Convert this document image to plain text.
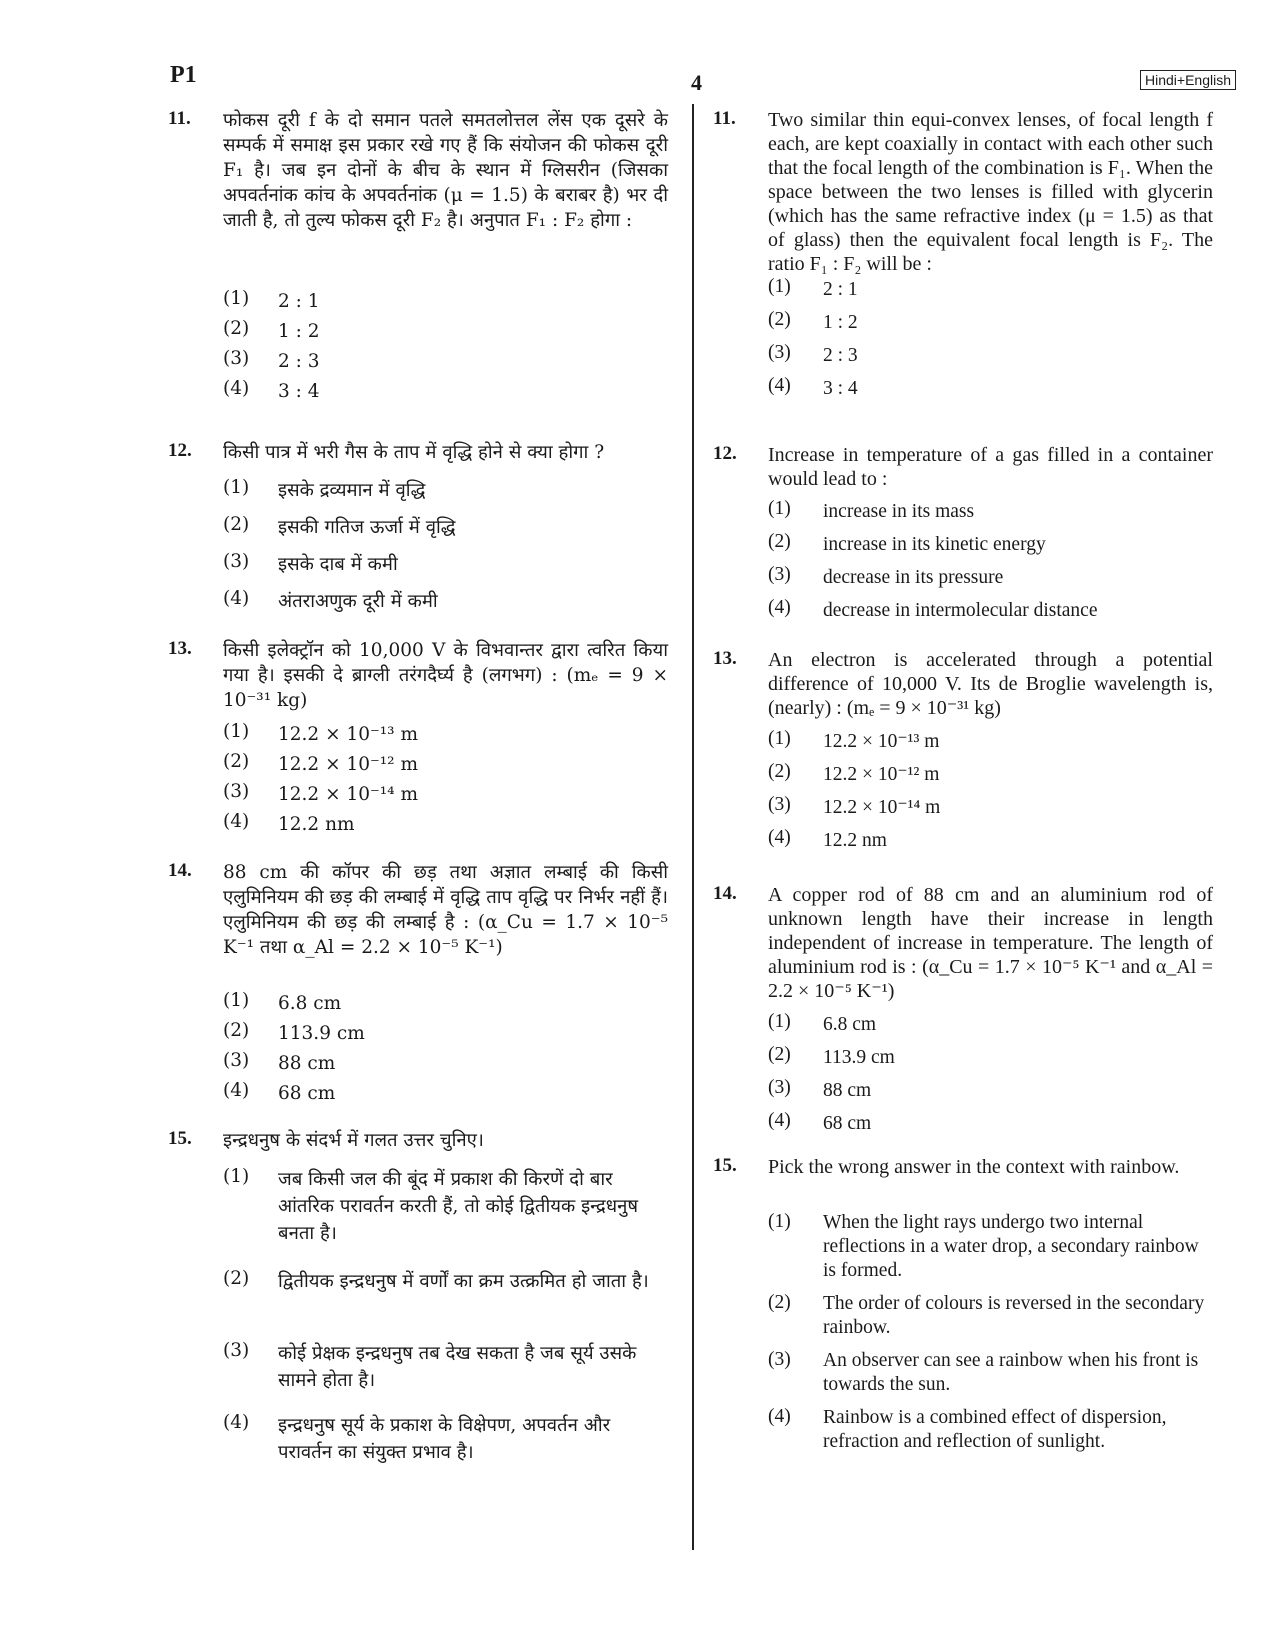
P1	4	Hindi+English
11. फोकस दूरी f के दो समान पतले समतलोत्तल लेंस एक दूसरे के सम्पर्क में समाक्ष इस प्रकार रखे गए हैं कि संयोजन की फोकस दूरी F₁ है। जब इन दोनों के बीच के स्थान में ग्लिसरीन (जिसका अपवर्तनांक कांच के अपवर्तनांक (μ = 1.5) के बराबर है) भर दी जाती है, तो तुल्य फोकस दूरी F₂ है। अनुपात F₁ : F₂ होगा :
(1) 2 : 1
(2) 1 : 2
(3) 2 : 3
(4) 3 : 4
12. किसी पात्र में भरी गैस के ताप में वृद्धि होने से क्या होगा ?
(1) इसके द्रव्यमान में वृद्धि
(2) इसकी गतिज ऊर्जा में वृद्धि
(3) इसके दाब में कमी
(4) अंतराअणुक दूरी में कमी
13. किसी इलेक्ट्रॉन को 10,000 V के विभवान्तर द्वारा त्वरित किया गया है। इसकी दे ब्राग्ली तरंगदैर्घ्य है (लगभग) : (mₑ = 9 × 10⁻³¹ kg)
(1) 12.2 × 10⁻¹³ m
(2) 12.2 × 10⁻¹² m
(3) 12.2 × 10⁻¹⁴ m
(4) 12.2 nm
14. 88 cm की कॉपर की छड़ तथा अज्ञात लम्बाई की किसी एलुमिनियम की छड़ की लम्बाई में वृद्धि ताप वृद्धि पर निर्भर नहीं हैं। एलुमिनियम की छड़ की लम्बाई है : (α_Cu = 1.7 × 10⁻⁵ K⁻¹ तथा α_Al = 2.2 × 10⁻⁵ K⁻¹)
(1) 6.8 cm
(2) 113.9 cm
(3) 88 cm
(4) 68 cm
15. इन्द्रधनुष के संदर्भ में गलत उत्तर चुनिए।
(1) जब किसी जल की बूंद में प्रकाश की किरणें दो बार आंतरिक परावर्तन करती हैं, तो कोई द्वितीयक इन्द्रधनुष बनता है।
(2) द्वितीयक इन्द्रधनुष में वर्णों का क्रम उत्क्रमित हो जाता है।
(3) कोई प्रेक्षक इन्द्रधनुष तब देख सकता है जब सूर्य उसके सामने होता है।
(4) इन्द्रधनुष सूर्य के प्रकाश के विक्षेपण, अपवर्तन और परावर्तन का संयुक्त प्रभाव है।
11. Two similar thin equi-convex lenses, of focal length f each, are kept coaxially in contact with each other such that the focal length of the combination is F₁. When the space between the two lenses is filled with glycerin (which has the same refractive index (μ = 1.5) as that of glass) then the equivalent focal length is F₂. The ratio F₁ : F₂ will be :
(1) 2 : 1
(2) 1 : 2
(3) 2 : 3
(4) 3 : 4
12. Increase in temperature of a gas filled in a container would lead to :
(1) increase in its mass
(2) increase in its kinetic energy
(3) decrease in its pressure
(4) decrease in intermolecular distance
13. An electron is accelerated through a potential difference of 10,000 V. Its de Broglie wavelength is, (nearly) : (mₑ = 9 × 10⁻³¹ kg)
(1) 12.2 × 10⁻¹³ m
(2) 12.2 × 10⁻¹² m
(3) 12.2 × 10⁻¹⁴ m
(4) 12.2 nm
14. A copper rod of 88 cm and an aluminium rod of unknown length have their increase in length independent of increase in temperature. The length of aluminium rod is : (α_Cu = 1.7 × 10⁻⁵ K⁻¹ and α_Al = 2.2 × 10⁻⁵ K⁻¹)
(1) 6.8 cm
(2) 113.9 cm
(3) 88 cm
(4) 68 cm
15. Pick the wrong answer in the context with rainbow.
(1) When the light rays undergo two internal reflections in a water drop, a secondary rainbow is formed.
(2) The order of colours is reversed in the secondary rainbow.
(3) An observer can see a rainbow when his front is towards the sun.
(4) Rainbow is a combined effect of dispersion, refraction and reflection of sunlight.
